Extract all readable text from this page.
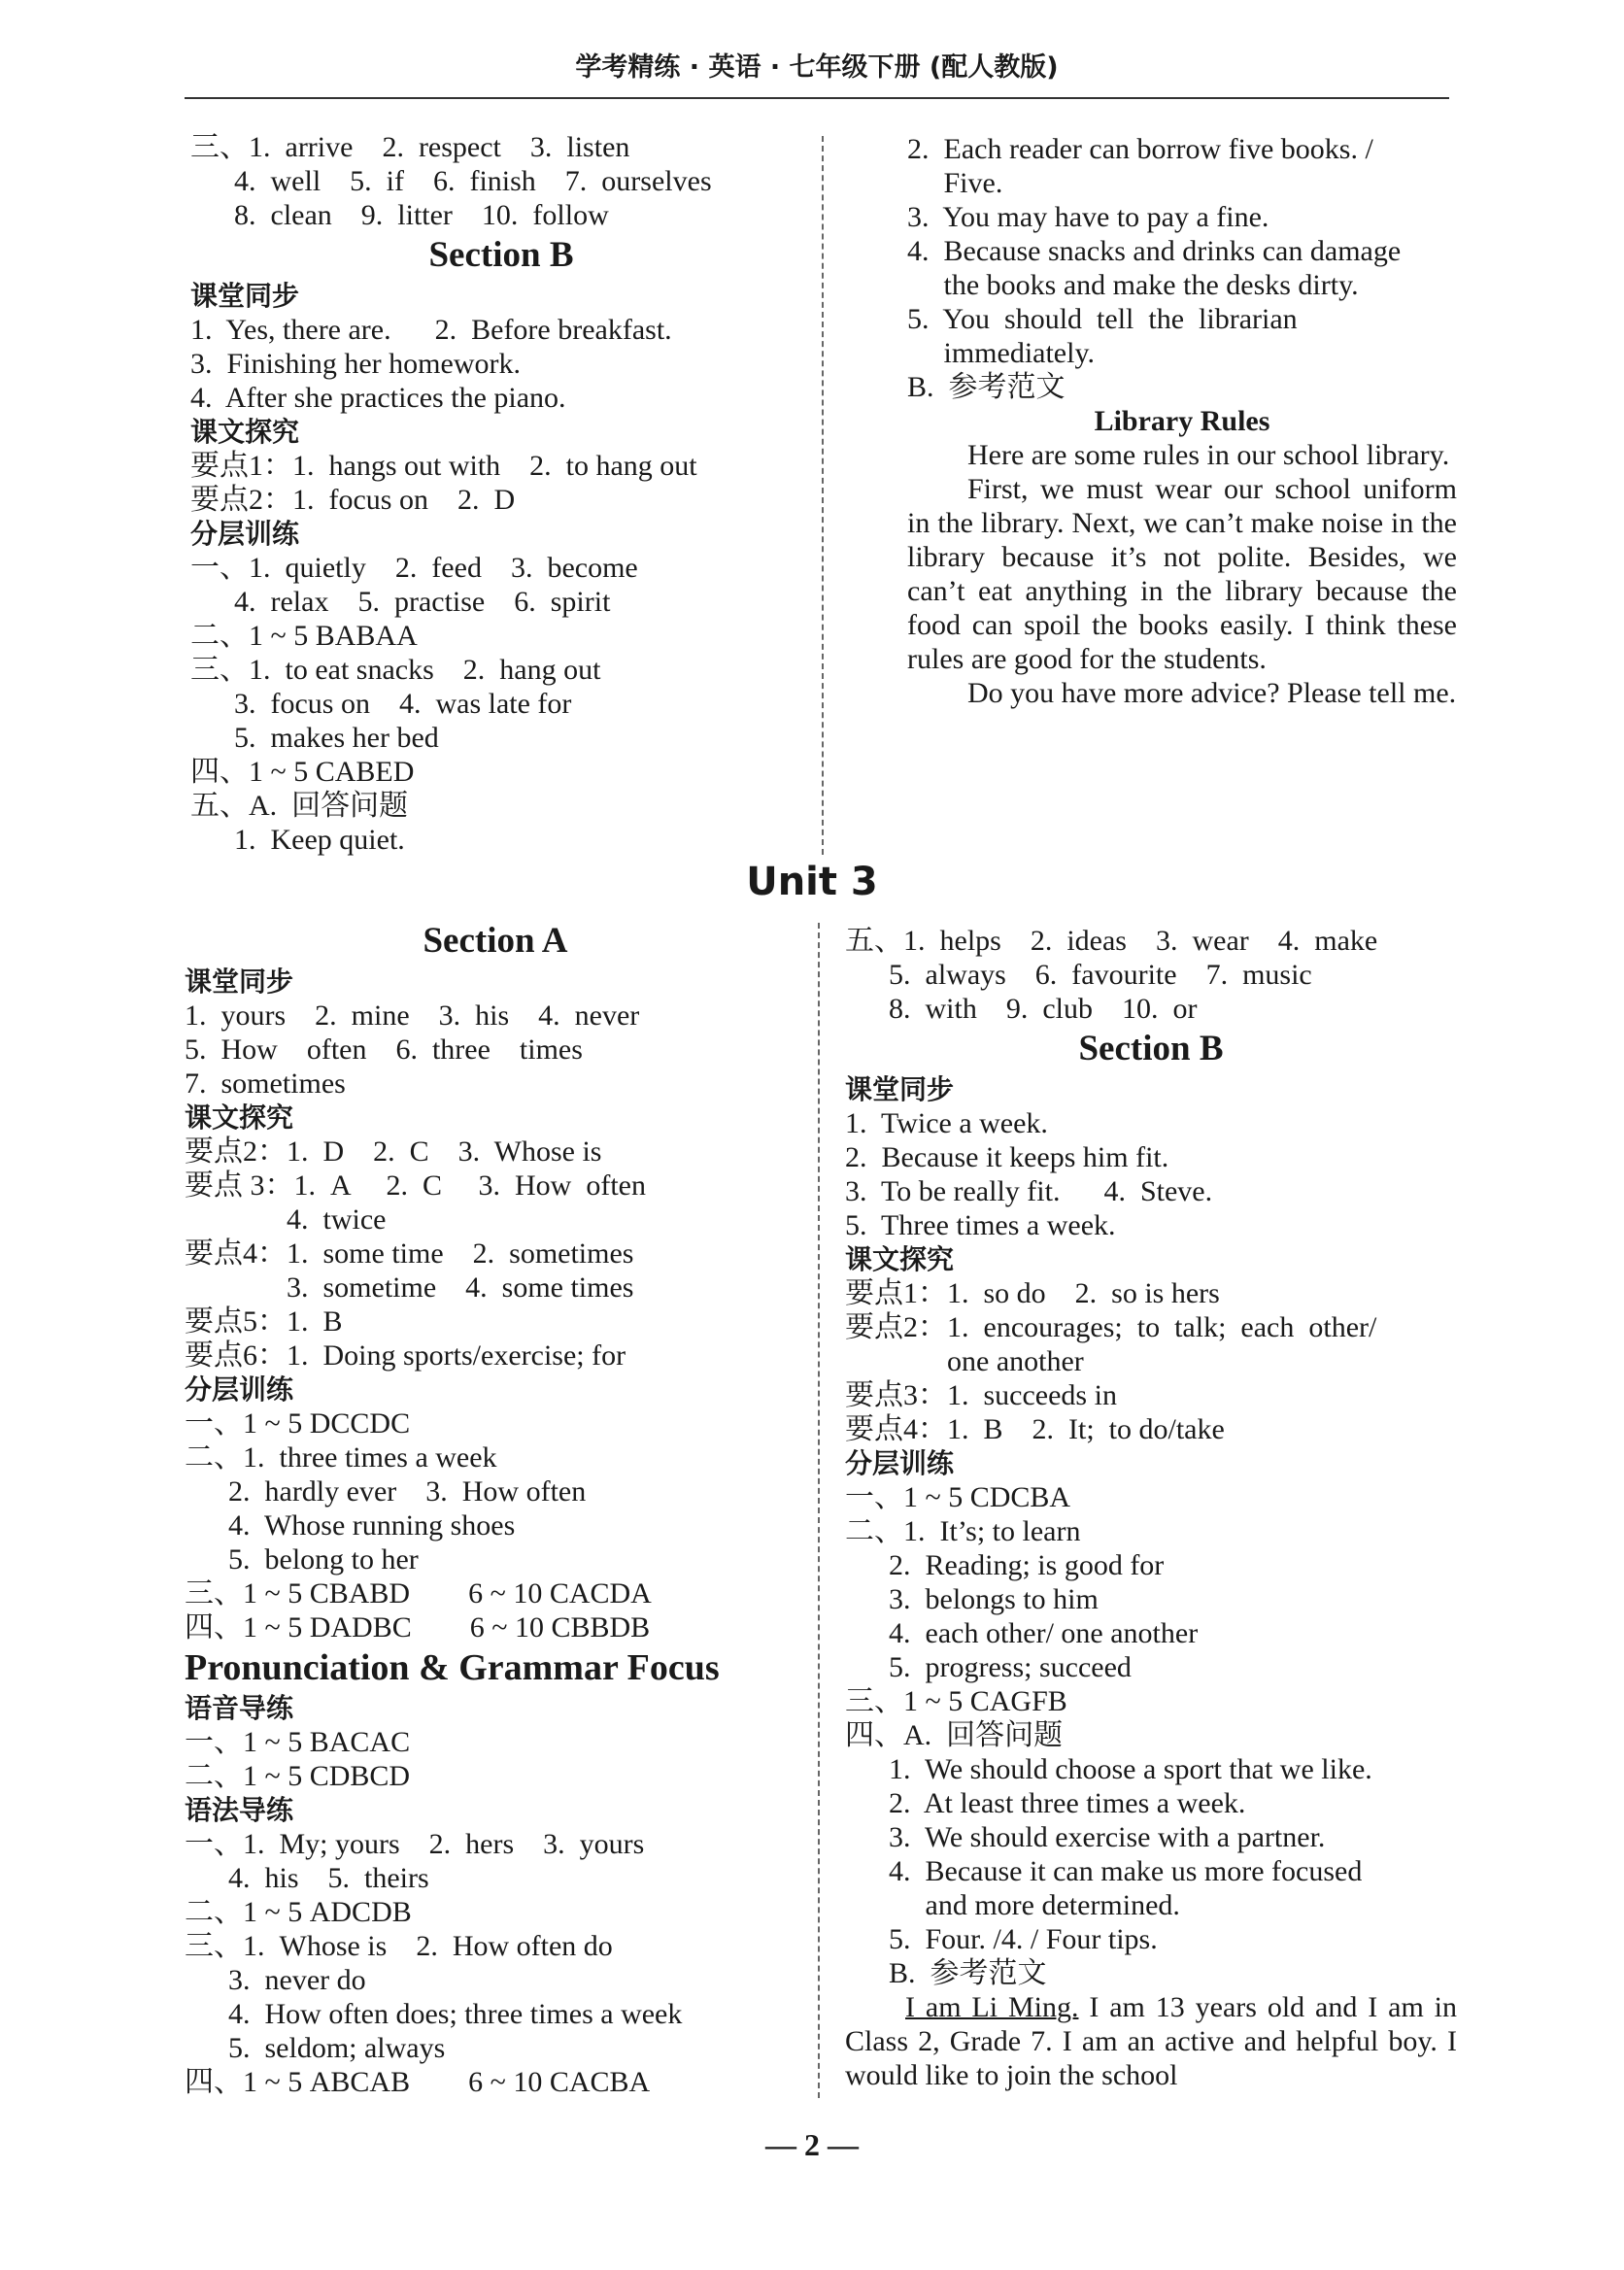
学考精练 · 英语 · 七年级下册 (配人教版)
三、1.  arrive    2.  respect    3.  listen
4.  well    5.  if    6.  finish    7.  ourselves
8.  clean    9.  litter    10.  follow
Section B
课堂同步
1.  Yes, there are.      2.  Before breakfast.
3.  Finishing her homework.
4.  After she practices the piano.
课文探究
要点1：1.  hangs out with    2.  to hang out
要点2：1.  focus on    2.  D
分层训练
一、1.  quietly    2.  feed    3.  become
4.  relax    5.  practise    6.  spirit
二、1 ~ 5 BABAA
三、1.  to eat snacks    2.  hang out
3.  focus on    4.  was late for
5.  makes her bed
四、1 ~ 5 CABED
五、A.  回答问题
1.  Keep quiet.
2.  Each reader can borrow five books. /
Five.
3.  You may have to pay a fine.
4.  Because snacks and drinks can damage
the books and make the desks dirty.
5.  You  should  tell  the  librarian
immediately.
B.  参考范文
Library Rules
Here are some rules in our school library.
First, we must wear our school uniform in the library. Next, we can’t make noise in the library because it’s not polite. Besides, we can’t eat anything in the library because the food can spoil the books easily. I think these rules are good for the students.
Do you have more advice? Please tell me.
Unit 3
Section A
课堂同步
1.  yours    2.  mine    3.  his    4.  never
5.  How    often    6.  three    times
7.  sometimes
课文探究
要点2：1.  D    2.  C    3.  Whose is
要点 3：1.  A     2.  C     3.  How  often
4.  twice
要点4：1.  some time    2.  sometimes
3.  sometime    4.  some times
要点5：1.  B
要点6：1.  Doing sports/exercise; for
分层训练
一、1 ~ 5 DCCDC
二、1.  three times a week
2.  hardly ever    3.  How often
4.  Whose running shoes
5.  belong to her
三、1 ~ 5 CBABD        6 ~ 10 CACDA
四、1 ~ 5 DADBC        6 ~ 10 CBBDB
Pronunciation & Grammar Focus
语音导练
一、1 ~ 5 BACAC
二、1 ~ 5 CDBCD
语法导练
一、1.  My; yours    2.  hers    3.  yours
4.  his    5.  theirs
二、1 ~ 5 ADCDB
三、1.  Whose is    2.  How often do
3.  never do
4.  How often does; three times a week
5.  seldom; always
四、1 ~ 5 ABCAB        6 ~ 10 CACBA
五、1.  helps    2.  ideas    3.  wear    4.  make
5.  always    6.  favourite    7.  music
8.  with    9.  club    10.  or
Section B
课堂同步
1.  Twice a week.
2.  Because it keeps him fit.
3.  To be really fit.      4.  Steve.
5.  Three times a week.
课文探究
要点1：1.  so do    2.  so is hers
要点2：1.  encourages;  to  talk;  each  other/
one another
要点3：1.  succeeds in
要点4：1.  B    2.  It;  to do/take
分层训练
一、1 ~ 5 CDCBA
二、1.  It’s; to learn
2.  Reading; is good for
3.  belongs to him
4.  each other/ one another
5.  progress; succeed
三、1 ~ 5 CAGFB
四、A.  回答问题
1.  We should choose a sport that we like.
2.  At least three times a week.
3.  We should exercise with a partner.
4.  Because it can make us more focused
and more determined.
5.  Four. /4. / Four tips.
B.  参考范文
I am Li Ming. I am 13 years old and I am in Class 2, Grade 7. I am an active and helpful boy. I would like to join the school
— 2 —
